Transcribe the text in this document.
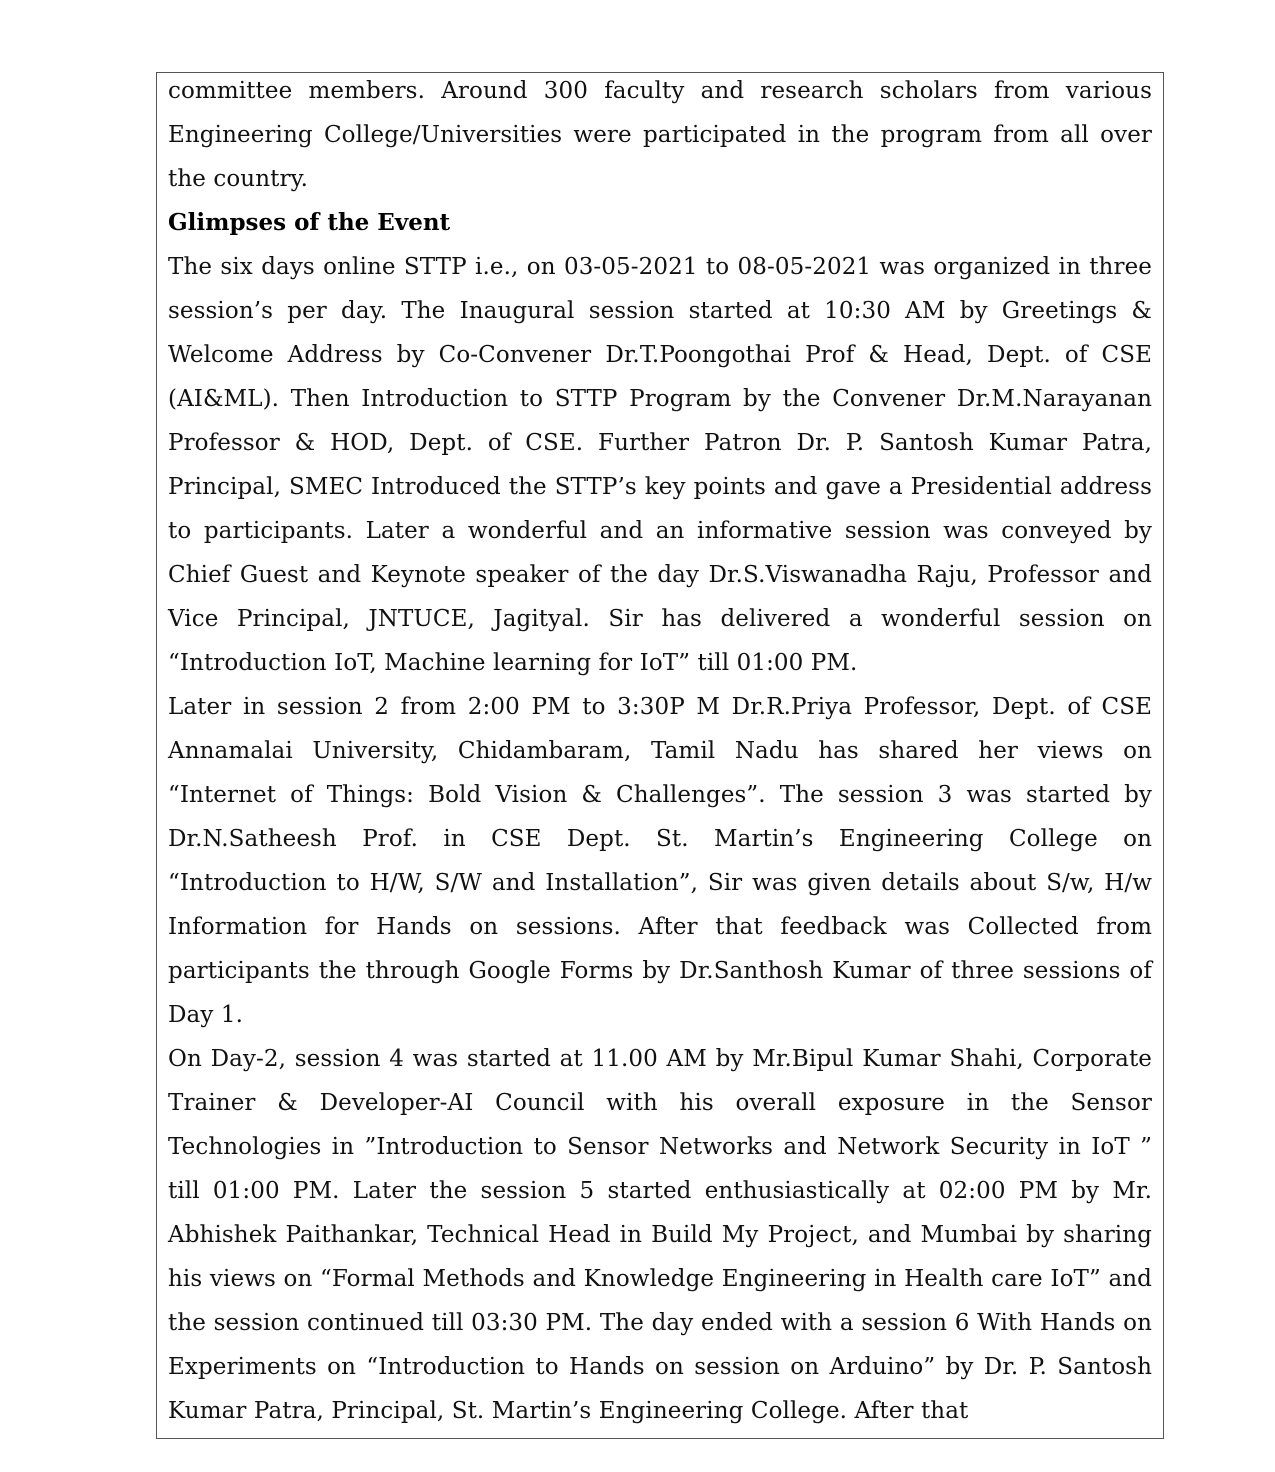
committee members. Around 300 faculty and research scholars from various Engineering College/Universities were participated in the program from all over the country.

Glimpses of the Event

The six days online STTP i.e., on 03-05-2021 to 08-05-2021 was organized in three session’s per day. The Inaugural session started at 10:30 AM by Greetings & Welcome Address by Co-Convener Dr.T.Poongothai Prof & Head, Dept. of CSE (AI&ML). Then Introduction to STTP Program by the Convener Dr.M.Narayanan Professor & HOD, Dept. of CSE. Further Patron Dr. P. Santosh Kumar Patra, Principal, SMEC Introduced the STTP’s key points and gave a Presidential address to participants. Later a wonderful and an informative session was conveyed by Chief Guest and Keynote speaker of the day Dr.S.Viswanadha Raju, Professor and Vice Principal, JNTUCE, Jagityal. Sir has delivered a wonderful session on “Introduction IoT, Machine learning for IoT” till 01:00 PM.

Later in session 2 from 2:00 PM to 3:30P M Dr.R.Priya Professor, Dept. of CSE Annamalai University, Chidambaram, Tamil Nadu has shared her views on “Internet of Things: Bold Vision & Challenges”. The session 3 was started by Dr.N.Satheesh Prof. in CSE Dept. St. Martin’s Engineering College on “Introduction to H/W, S/W and Installation”, Sir was given details about S/w, H/w Information for Hands on sessions. After that feedback was Collected from participants the through Google Forms by Dr.Santhosh Kumar of three sessions of Day 1.

On Day-2, session 4 was started at 11.00 AM by Mr.Bipul Kumar Shahi, Corporate Trainer & Developer-AI Council with his overall exposure in the Sensor Technologies in ”Introduction to Sensor Networks and Network Security in IoT ” till 01:00 PM. Later the session 5 started enthusiastically at 02:00 PM by Mr. Abhishek Paithankar, Technical Head in Build My Project, and Mumbai by sharing his views on “Formal Methods and Knowledge Engineering in Health care IoT” and the session continued till 03:30 PM. The day ended with a session 6 With Hands on Experiments on “Introduction to Hands on session on Arduino” by Dr. P. Santosh Kumar Patra, Principal, St. Martin’s Engineering College. After that
